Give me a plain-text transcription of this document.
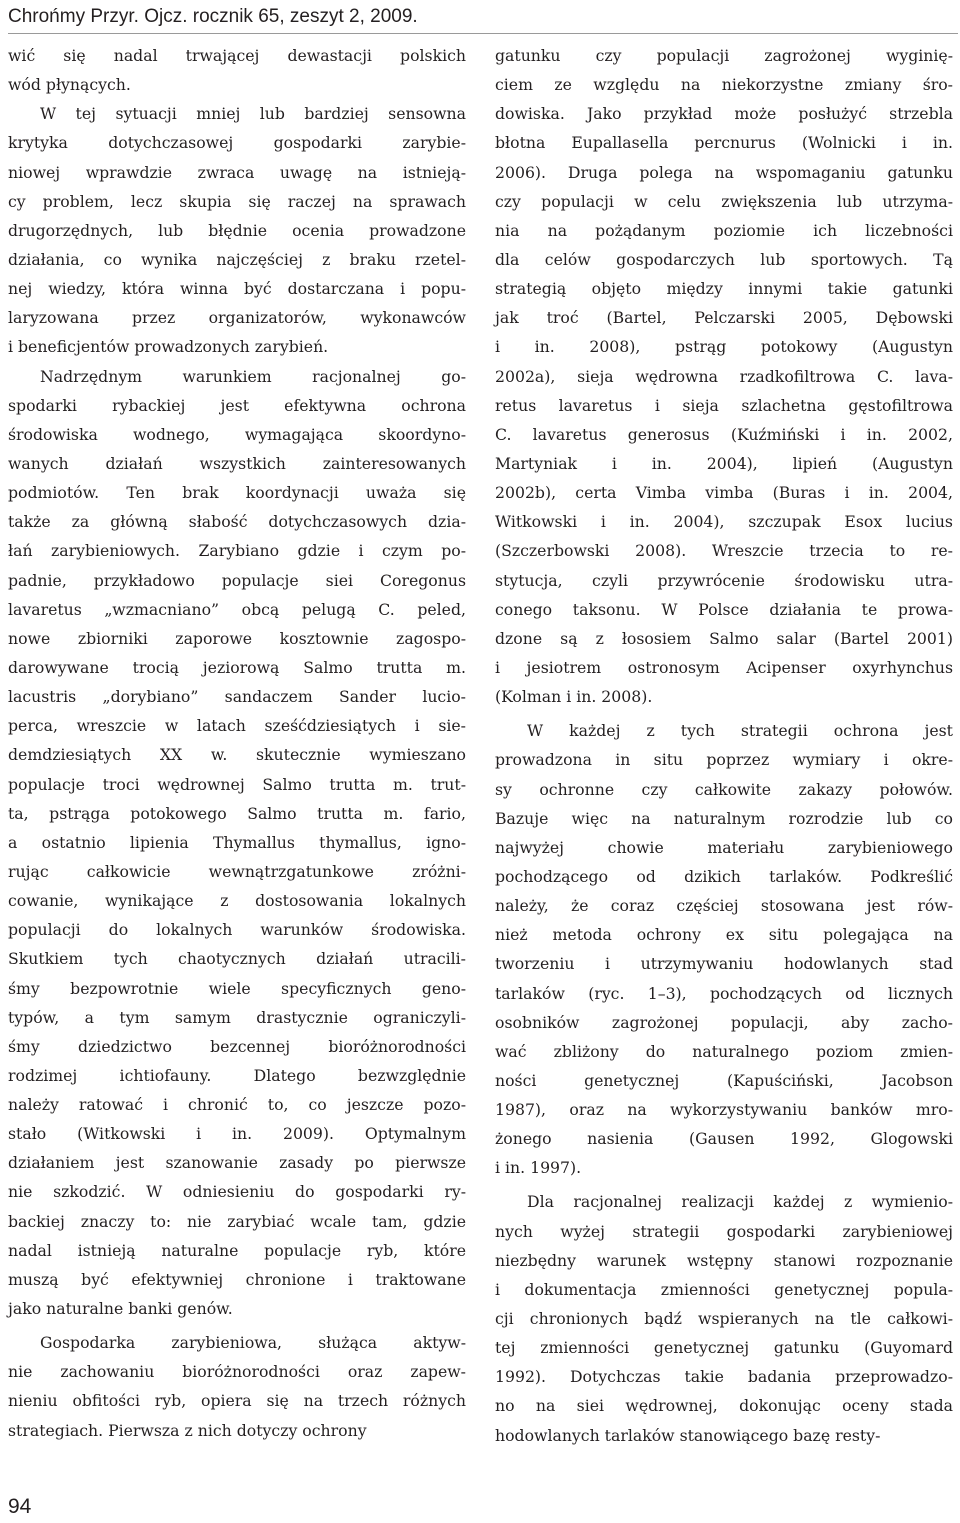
Chrońmy Przyr. Ojcz. rocznik 65, zeszyt 2, 2009.
wić się nadal trwającej dewastacji polskich
wód płynących.
W tej sytuacji mniej lub bardziej sensowna
krytyka dotychczasowej gospodarki zarybie-
niowej wprawdzie zwraca uwagę na istnieją-
cy problem, lecz skupia się raczej na sprawach
drugorzędnych, lub błędnie ocenia prowadzone
działania, co wynika najczęściej z braku rzetel-
nej wiedzy, która winna być dostarczana i popu-
laryzowana przez organizatorów, wykonawców
i beneficjentów prowadzonych zarybień.
Nadrzędnym warunkiem racjonalnej go-
spodarki rybackiej jest efektywna ochrona
środowiska wodnego, wymagająca skoordyno-
wanych działań wszystkich zainteresowanych
podmiotów. Ten brak koordynacji uważa się
także za główną słabość dotychczasowych dzia-
łań zarybieniowych. Zarybiano gdzie i czym po-
padnie, przykładowo populacje siei Coregonus
lavaretus „wzmacniano” obcą pelugą C. peled,
nowe zbiorniki zaporowe kosztownie zagospo-
darowywane trocią jeziorową Salmo trutta m.
lacustris „dorybiano” sandaczem Sander lucio-
perca, wreszcie w latach sześćdziesiątych i sie-
demdziesiątych XX w. skutecznie wymieszano
populacje troci wędrownej Salmo trutta m. trut-
ta, pstrąga potokowego Salmo trutta m. fario,
a ostatnio lipienia Thymallus thymallus, igno-
rując całkowicie wewnątrzgatunkowe zróżni-
cowanie, wynikające z dostosowania lokalnych
populacji do lokalnych warunków środowiska.
Skutkiem tych chaotycznych działań utracili-
śmy bezpowrotnie wiele specyficznych geno-
typów, a tym samym drastycznie ograniczyli-
śmy dziedzictwo bezcennej bioróżnorodności
rodzimej ichtiofauny. Dlatego bezwzględnie
należy ratować i chronić to, co jeszcze pozo-
stało (Witkowski i in. 2009). Optymalnym
działaniem jest szanowanie zasady po pierwsze
nie szkodzić. W odniesieniu do gospodarki ry-
backiej znaczy to: nie zarybiać wcale tam, gdzie
nadal istnieją naturalne populacje ryb, które
muszą być efektywniej chronione i traktowane
jako naturalne banki genów.
Gospodarka zarybieniowa, służąca aktyw-
nie zachowaniu bioróżnorodności oraz zapew-
nieniu obfitości ryb, opiera się na trzech różnych
strategiach. Pierwsza z nich dotyczy ochrony
gatunku czy populacji zagrożonej wyginię-
ciem ze względu na niekorzystne zmiany śro-
dowiska. Jako przykład może posłużyć strzebla
błotna Eupallasella percnurus (Wolnicki i in.
2006). Druga polega na wspomaganiu gatunku
czy populacji w celu zwiększenia lub utrzyma-
nia na pożądanym poziomie ich liczebności
dla celów gospodarczych lub sportowych. Tą
strategią objęto między innymi takie gatunki
jak troć (Bartel, Pelczarski 2005, Dębowski
i in. 2008), pstrąg potokowy (Augustyn
2002a), sieja wędrowna rzadkofiltrowa C. lava-
retus lavaretus i sieja szlachetna gęstofiltrowa
C. lavaretus generosus (Kuźmiński i in. 2002,
Martyniak i in. 2004), lipień (Augustyn
2002b), certa Vimba vimba (Buras i in. 2004,
Witkowski i in. 2004), szczupak Esox lucius
(Szczerbowski 2008). Wreszcie trzecia to re-
stytucja, czyli przywrócenie środowisku utra-
conego taksonu. W Polsce działania te prowa-
dzone są z łososiem Salmo salar (Bartel 2001)
i jesiotrem ostronosym Acipenser oxyrhynchus
(Kolman i in. 2008).
W każdej z tych strategii ochrona jest
prowadzona in situ poprzez wymiary i okre-
sy ochronne czy całkowite zakazy połowów.
Bazuje więc na naturalnym rozrodzie lub co
najwyżej chowie materiału zarybieniowego
pochodzącego od dzikich tarlaków. Podkreślić
należy, że coraz częściej stosowana jest rów-
nież metoda ochrony ex situ polegająca na
tworzeniu i utrzymywaniu hodowlanych stad
tarlaków (ryc. 1–3), pochodzących od licznych
osobników zagrożonej populacji, aby zacho-
wać zbliżony do naturalnego poziom zmien-
ności genetycznej (Kapuściński, Jacobson
1987), oraz na wykorzystywaniu banków mro-
żonego nasienia (Gausen 1992, Glogowski
i in. 1997).
Dla racjonalnej realizacji każdej z wymienio-
nych wyżej strategii gospodarki zarybieniowej
niezbędny warunek wstępny stanowi rozpoznanie
i dokumentacja zmienności genetycznej popula-
cji chronionych bądź wspieranych na tle całkowi-
tej zmienności genetycznej gatunku (Guyomard
1992). Dotychczas takie badania przeprowadzo-
no na siei wędrownej, dokonując oceny stada
hodowlanych tarlaków stanowiącego bazę resty-
94
